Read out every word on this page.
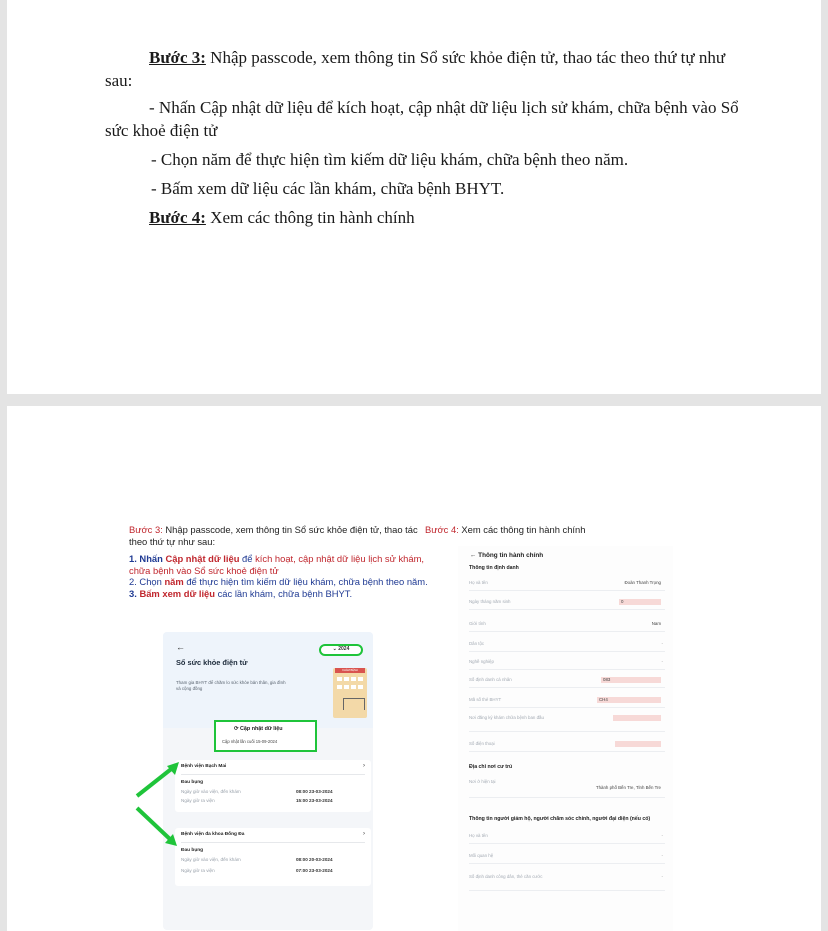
Bước 3: Nhập passcode, xem thông tin Sổ sức khỏe điện tử, thao tác theo thứ tự như sau:

- Nhấn Cập nhật dữ liệu để kích hoạt, cập nhật dữ liệu lịch sử khám, chữa bệnh vào Sổ sức khoẻ điện tử

- Chọn năm để thực hiện tìm kiếm dữ liệu khám, chữa bệnh theo năm.

- Bấm xem dữ liệu các lần khám, chữa bệnh BHYT.

Bước 4: Xem các thông tin hành chính

Bước 3: Nhập passcode, xem thông tin Sổ sức khỏe điện tử, thao tác theo thứ tự như sau:
1. Nhấn Cập nhật dữ liệu để kích hoạt, cập nhật dữ liệu lịch sử khám, chữa bệnh vào Sổ sức khoẻ điện tử
2. Chọn năm để thực hiện tìm kiếm dữ liệu khám, chữa bệnh theo năm.
3. Bấm xem dữ liệu các lần khám, chữa bệnh BHYT.
Bước 4: Xem các thông tin hành chính
←
Sổ sức khỏe điện tử
Tham gia BHYT để chăm lo sức khỏe bản thân, gia đình và cộng đồng
KHÁM BỆNH
Bệnh viện Bạch Mai	›
Đau bụng
Ngày giờ vào viện, đến khám	08:00 23-03-2024
Ngày giờ ra viện	15:00 23-03-2024
Bệnh viện đa khoa Đống Đa	›
Đau bụng
Ngày giờ vào viện, đến khám	08:00 20-03-2024
Ngày giờ ra viện	07:00 23-03-2024
⌄ 2024
⟳ Cập nhật dữ liệu
Cập nhật lần cuối 15-09-2024
← Thông tin hành chính
Thông tin định danh
Họ và tên	Đoàn Thanh Trọng
Ngày tháng năm sinh	0
Giới tính	Nam
Dân tộc	-
Nghề nghiệp	-
Số định danh cá nhân	083
Mã số thẻ BHYT	CH4
Nơi đăng ký khám chữa bệnh ban đầu
Số điện thoại
Địa chỉ nơi cư trú
Nơi ở hiện tại
Thành phố Bến Tre, Tỉnh Bến Tre
Thông tin người giám hộ, người chăm sóc chính, người đại diện (nếu có)
Họ và tên	-
Mối quan hệ	-
Số định danh công dân, thẻ căn cước	-
